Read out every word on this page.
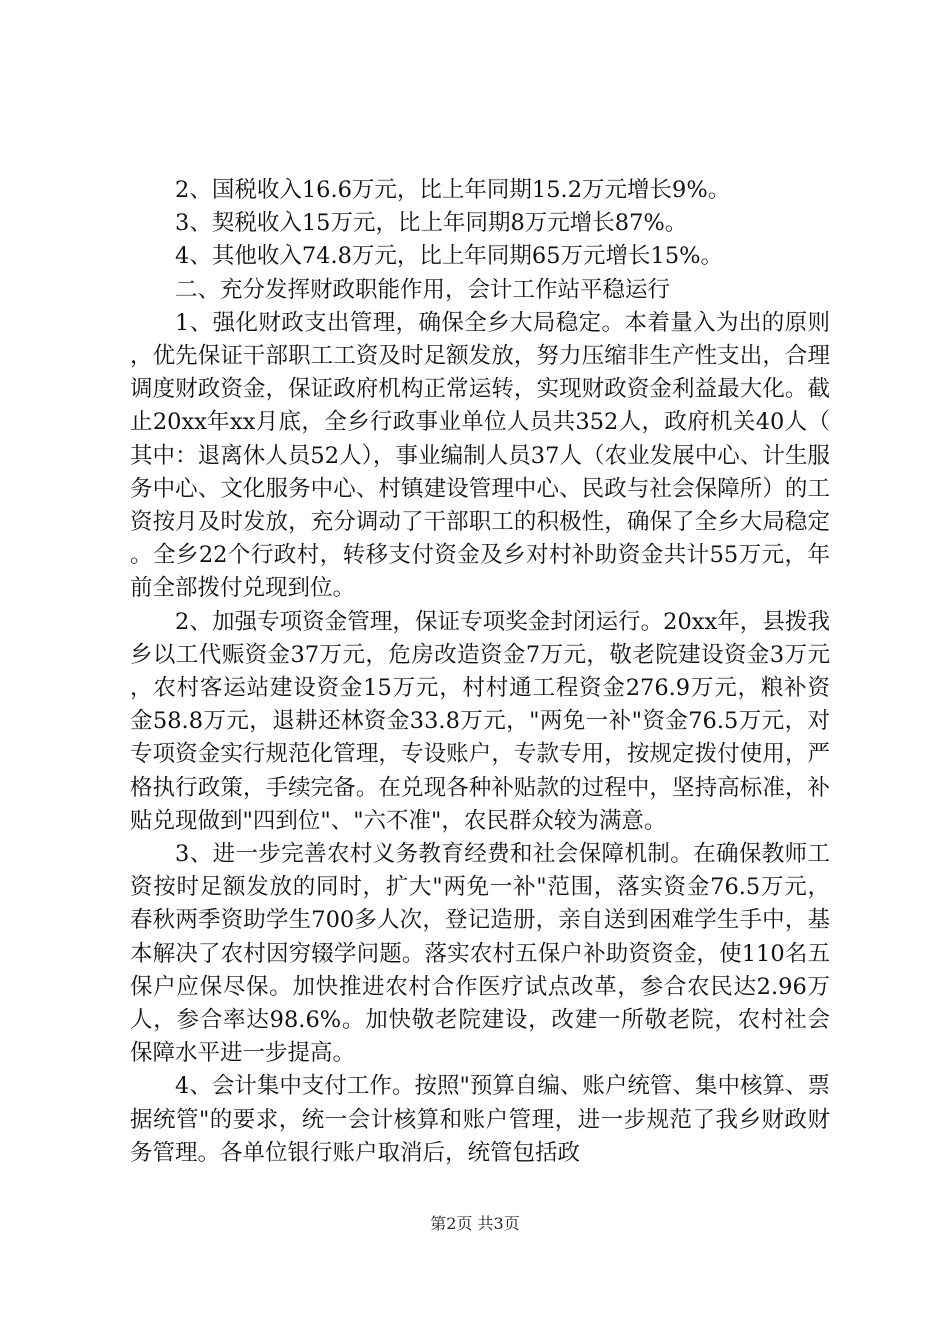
2、国税收入16.6万元，比上年同期15.2万元增长9%。

3、契税收入15万元，比上年同期8万元增长87%。

4、其他收入74.8万元，比上年同期65万元增长15%。

二、充分发挥财政职能作用，会计工作站平稳运行

1、强化财政支出管理，确保全乡大局稳定。本着量入为出的原则，优先保证干部职工工资及时足额发放，努力压缩非生产性支出，合理调度财政资金，保证政府机构正常运转，实现财政资金利益最大化。截止20xx年xx月底，全乡行政事业单位人员共352人，政府机关40人（其中：退离休人员52人），事业编制人员37人（农业发展中心、计生服务中心、文化服务中心、村镇建设管理中心、民政与社会保障所）的工资按月及时发放，充分调动了干部职工的积极性，确保了全乡大局稳定。全乡22个行政村，转移支付资金及乡对村补助资金共计55万元，年前全部拨付兑现到位。

2、加强专项资金管理，保证专项奖金封闭运行。20xx年，县拨我乡以工代赈资金37万元，危房改造资金7万元，敬老院建设资金3万元，农村客运站建设资金15万元，村村通工程资金276.9万元，粮补资金58.8万元，退耕还林资金33.8万元，"两免一补"资金76.5万元，对专项资金实行规范化管理，专设账户，专款专用，按规定拨付使用，严格执行政策，手续完备。在兑现各种补贴款的过程中，坚持高标准，补贴兑现做到"四到位"、"六不准"，农民群众较为满意。

3、进一步完善农村义务教育经费和社会保障机制。在确保教师工资按时足额发放的同时，扩大"两免一补"范围，落实资金76.5万元，春秋两季资助学生700多人次，登记造册，亲自送到困难学生手中，基本解决了农村因穷辍学问题。落实农村五保户补助资资金，使110名五保户应保尽保。加快推进农村合作医疗试点改革，参合农民达2.96万人，参合率达98.6%。加快敬老院建设，改建一所敬老院，农村社会保障水平进一步提高。

4、会计集中支付工作。按照"预算自编、账户统管、集中核算、票据统管"的要求，统一会计核算和账户管理，进一步规范了我乡财政财务管理。各单位银行账户取消后，统管包括政

第2页 共3页
